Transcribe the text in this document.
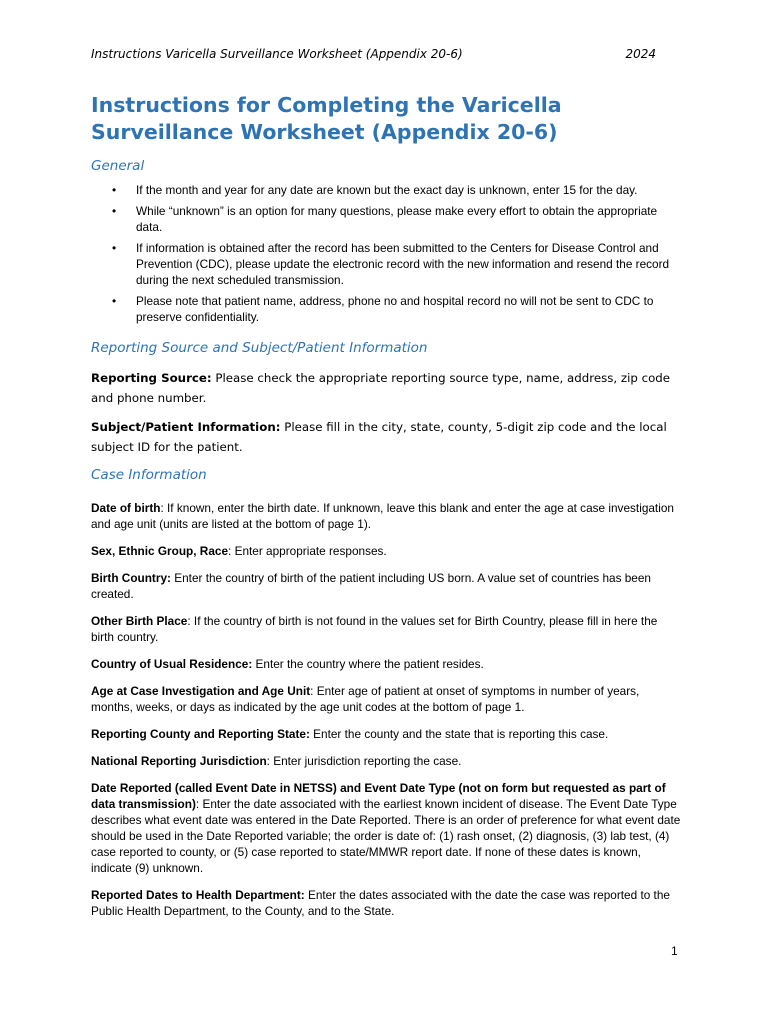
Instructions Varicella Surveillance Worksheet (Appendix 20-6)	2024
Instructions for Completing the Varicella Surveillance Worksheet (Appendix 20-6)
General
• If the month and year for any date are known but the exact day is unknown, enter 15 for the day.
• While “unknown” is an option for many questions, please make every effort to obtain the appropriate data.
• If information is obtained after the record has been submitted to the Centers for Disease Control and Prevention (CDC), please update the electronic record with the new information and resend the record during the next scheduled transmission.
• Please note that patient name, address, phone no and hospital record no will not be sent to CDC to preserve confidentiality.
Reporting Source and Subject/Patient Information
Reporting Source: Please check the appropriate reporting source type, name, address, zip code and phone number.
Subject/Patient Information: Please fill in the city, state, county, 5-digit zip code and the local subject ID for the patient.
Case Information

Date of birth: If known, enter the birth date. If unknown, leave this blank and enter the age at case investigation and age unit (units are listed at the bottom of page 1).

Sex, Ethnic Group, Race: Enter appropriate responses.

Birth Country: Enter the country of birth of the patient including US born. A value set of countries has been created.

Other Birth Place: If the country of birth is not found in the values set for Birth Country, please fill in here the birth country.

Country of Usual Residence: Enter the country where the patient resides.

Age at Case Investigation and Age Unit: Enter age of patient at onset of symptoms in number of years, months, weeks, or days as indicated by the age unit codes at the bottom of page 1.

Reporting County and Reporting State: Enter the county and the state that is reporting this case.

National Reporting Jurisdiction: Enter jurisdiction reporting the case.

Date Reported (called Event Date in NETSS) and Event Date Type (not on form but requested as part of data transmission): Enter the date associated with the earliest known incident of disease. The Event Date Type describes what event date was entered in the Date Reported. There is an order of preference for what event date should be used in the Date Reported variable; the order is date of: (1) rash onset, (2) diagnosis, (3) lab test, (4) case reported to county, or (5) case reported to state/MMWR report date. If none of these dates is known, indicate (9) unknown.

Reported Dates to Health Department: Enter the dates associated with the date the case was reported to the Public Health Department, to the County, and to the State.

1
